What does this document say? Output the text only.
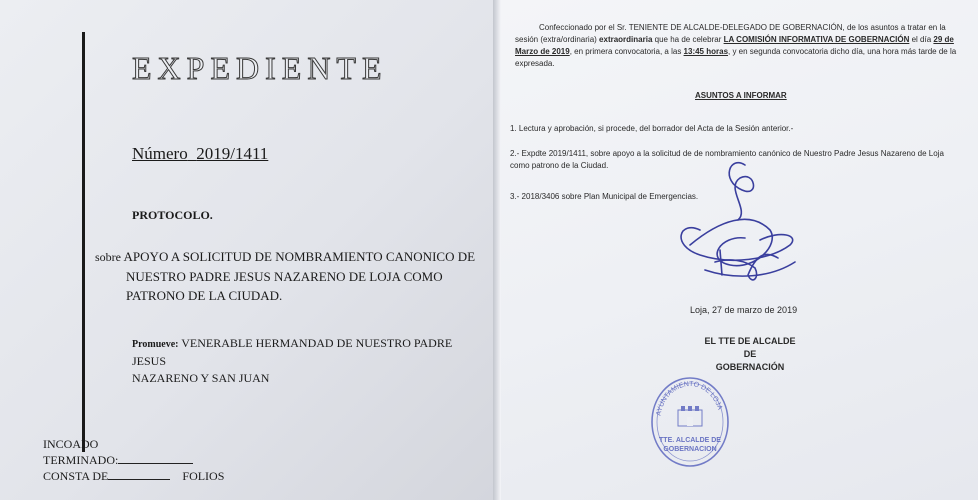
EXPEDIENTE
Número 2019/1411
PROTOCOLO.
sobre APOYO A SOLICITUD DE NOMBRAMIENTO CANONICO DE
NUESTRO PADRE JESUS NAZARENO DE LOJA COMO
PATRONO DE LA CIUDAD.
Promueve: VENERABLE HERMANDAD DE NUESTRO PADRE JESUS
NAZARENO Y SAN JUAN
INCOADO
TERMINADO:
CONSTA DE	FOLIOS
Confeccionado por el Sr. TENIENTE DE ALCALDE-DELEGADO DE GOBERNACIÓN, de los asuntos a tratar en la sesión (extra/ordinaria) extraordinaria que ha de celebrar LA COMISIÓN INFORMATIVA DE GOBERNACIÓN el día 29 de Marzo de 2019, en primera convocatoria, a las 13:45 horas, y en segunda convocatoria dicho día, una hora más tarde de la expresada.
ASUNTOS A INFORMAR
1. Lectura y aprobación, si procede, del borrador del Acta de la Sesión anterior.-
2.- Expdte 2019/1411, sobre apoyo a la solicitud de de nombramiento canónico de Nuestro Padre Jesus Nazareno de Loja
como patrono de la Ciudad.
3.- 2018/3406 sobre Plan Municipal de Emergencias.
Loja, 27 de marzo de 2019
EL TTE DE ALCALDE DE
GOBERNACIÓN
AYUNTAMIENTO DE LOJA
TTE. ALCALDE DE
GOBERNACION
